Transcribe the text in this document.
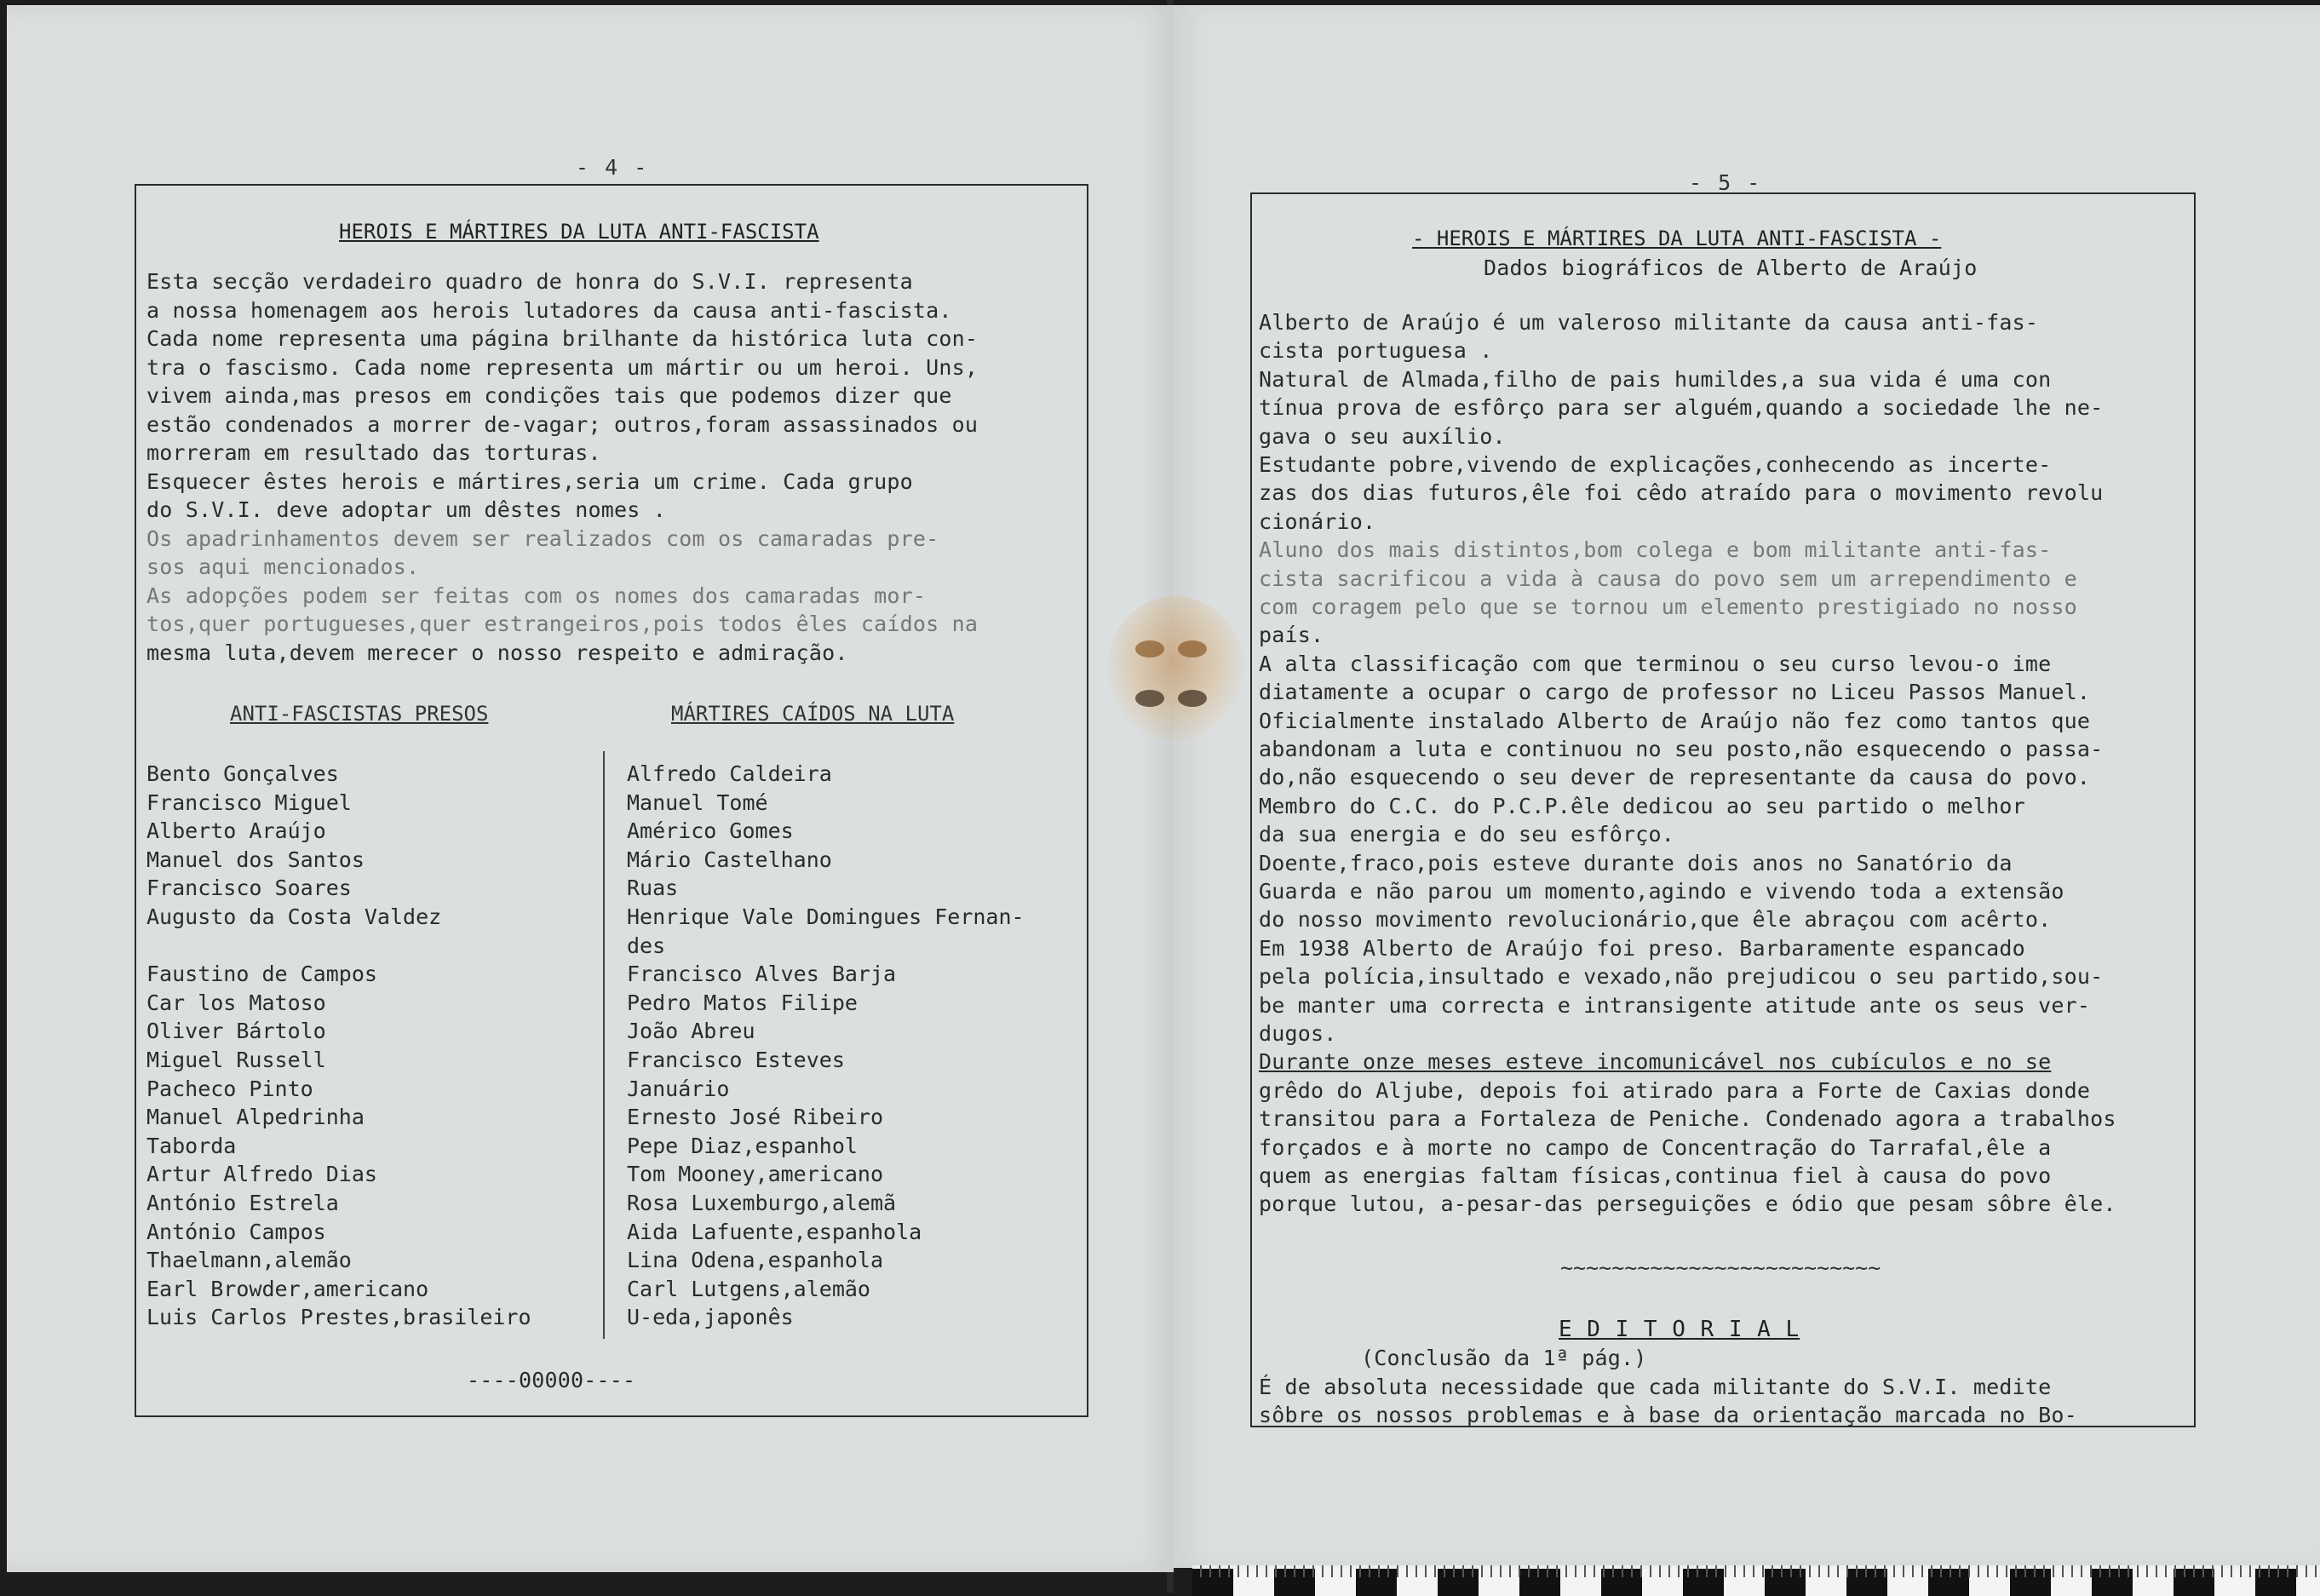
- 4 -
HEROIS E MÁRTIRES DA LUTA ANTI-FASCISTA
Esta secção verdadeiro quadro de honra do S.V.I. representa
a nossa homenagem aos herois lutadores da causa anti-fascista.
Cada nome representa uma página brilhante da histórica luta con-
tra o fascismo. Cada nome representa um mártir ou um heroi. Uns,
vivem ainda,mas presos em condições tais que podemos dizer que
estão condenados a morrer de-vagar; outros,foram assassinados ou
morreram em resultado das torturas.
Esquecer êstes herois e mártires,seria um crime. Cada grupo
do S.V.I. deve adoptar um dêstes nomes .
Os apadrinhamentos devem ser realizados com os camaradas pre-
sos aqui mencionados.
As adopções podem ser feitas com os nomes dos camaradas mor-
tos,quer portugueses,quer estrangeiros,pois todos êles caídos na
mesma luta,devem merecer o nosso respeito e admiração.
ANTI-FASCISTAS PRESOS	MÁRTIRES CAÍDOS NA LUTA
Bento Gonçalves
Francisco Miguel
Alberto Araújo
Manuel dos Santos
Francisco Soares
Augusto da Costa Valdez
Faustino de Campos
Car los Matoso
Oliver Bártolo
Miguel Russell
Pacheco Pinto
Manuel Alpedrinha
Taborda
Artur Alfredo Dias
António Estrela
António Campos
Thaelmann,alemão
Earl Browder,americano
Luis Carlos Prestes,brasileiro
Alfredo Caldeira
Manuel Tomé
Américo Gomes
Mário Castelhano
Ruas
Henrique Vale Domingues Fernan-
des
Francisco Alves Barja
Pedro Matos Filipe
João Abreu
Francisco Esteves
Januário
Ernesto José Ribeiro
Pepe Diaz,espanhol
Tom Mooney,americano
Rosa Luxemburgo,alemã
Aida Lafuente,espanhola
Lina Odena,espanhola
Carl Lutgens,alemão
U-eda,japonês
----00000----
- 5 -
- HEROIS E MÁRTIRES DA LUTA ANTI-FASCISTA -
Dados biográficos de Alberto de Araújo
Alberto de Araújo é um valeroso militante da causa anti-fas-
cista portuguesa .
Natural de Almada,filho de pais humildes,a sua vida é uma con
tínua prova de esfôrço para ser alguém,quando a sociedade lhe ne-
gava o seu auxílio.
Estudante pobre,vivendo de explicações,conhecendo as incerte-
zas dos dias futuros,êle foi cêdo atraído para o movimento revolu
cionário.
Aluno dos mais distintos,bom colega e bom militante anti-fas-
cista sacrificou a vida à causa do povo sem um arrependimento e
com coragem pelo que se tornou um elemento prestigiado no nosso
país.
A alta classificação com que terminou o seu curso levou-o ime
diatamente a ocupar o cargo de professor no Liceu Passos Manuel.
Oficialmente instalado Alberto de Araújo não fez como tantos que
abandonam a luta e continuou no seu posto,não esquecendo o passa-
do,não esquecendo o seu dever de representante da causa do povo.
Membro do C.C. do P.C.P.êle dedicou ao seu partido o melhor
da sua energia e do seu esfôrço.
Doente,fraco,pois esteve durante dois anos no Sanatório da
Guarda e não parou um momento,agindo e vivendo toda a extensão
do nosso movimento revolucionário,que êle abraçou com acêrto.
Em 1938 Alberto de Araújo foi preso. Barbaramente espancado
pela polícia,insultado e vexado,não prejudicou o seu partido,sou-
be manter uma correcta e intransigente atitude ante os seus ver-
dugos.
Durante onze meses esteve incomunicável nos cubículos e no se
grêdo do Aljube, depois foi atirado para a Forte de Caxias donde
transitou para a Fortaleza de Peniche. Condenado agora a trabalhos
forçados e à morte no campo de Concentração do Tarrafal,êle a
quem as energias faltam físicas,continua fiel à causa do povo
porque lutou, a-pesar-das perseguições e ódio que pesam sôbre êle.
~~~~~~~~~~~~~~~~~~~~~~~~~
E D I T O R I A L
(Conclusão da 1ª pág.)
É de absoluta necessidade que cada militante do S.V.I. medite
sôbre os nossos problemas e à base da orientação marcada no Bo-
